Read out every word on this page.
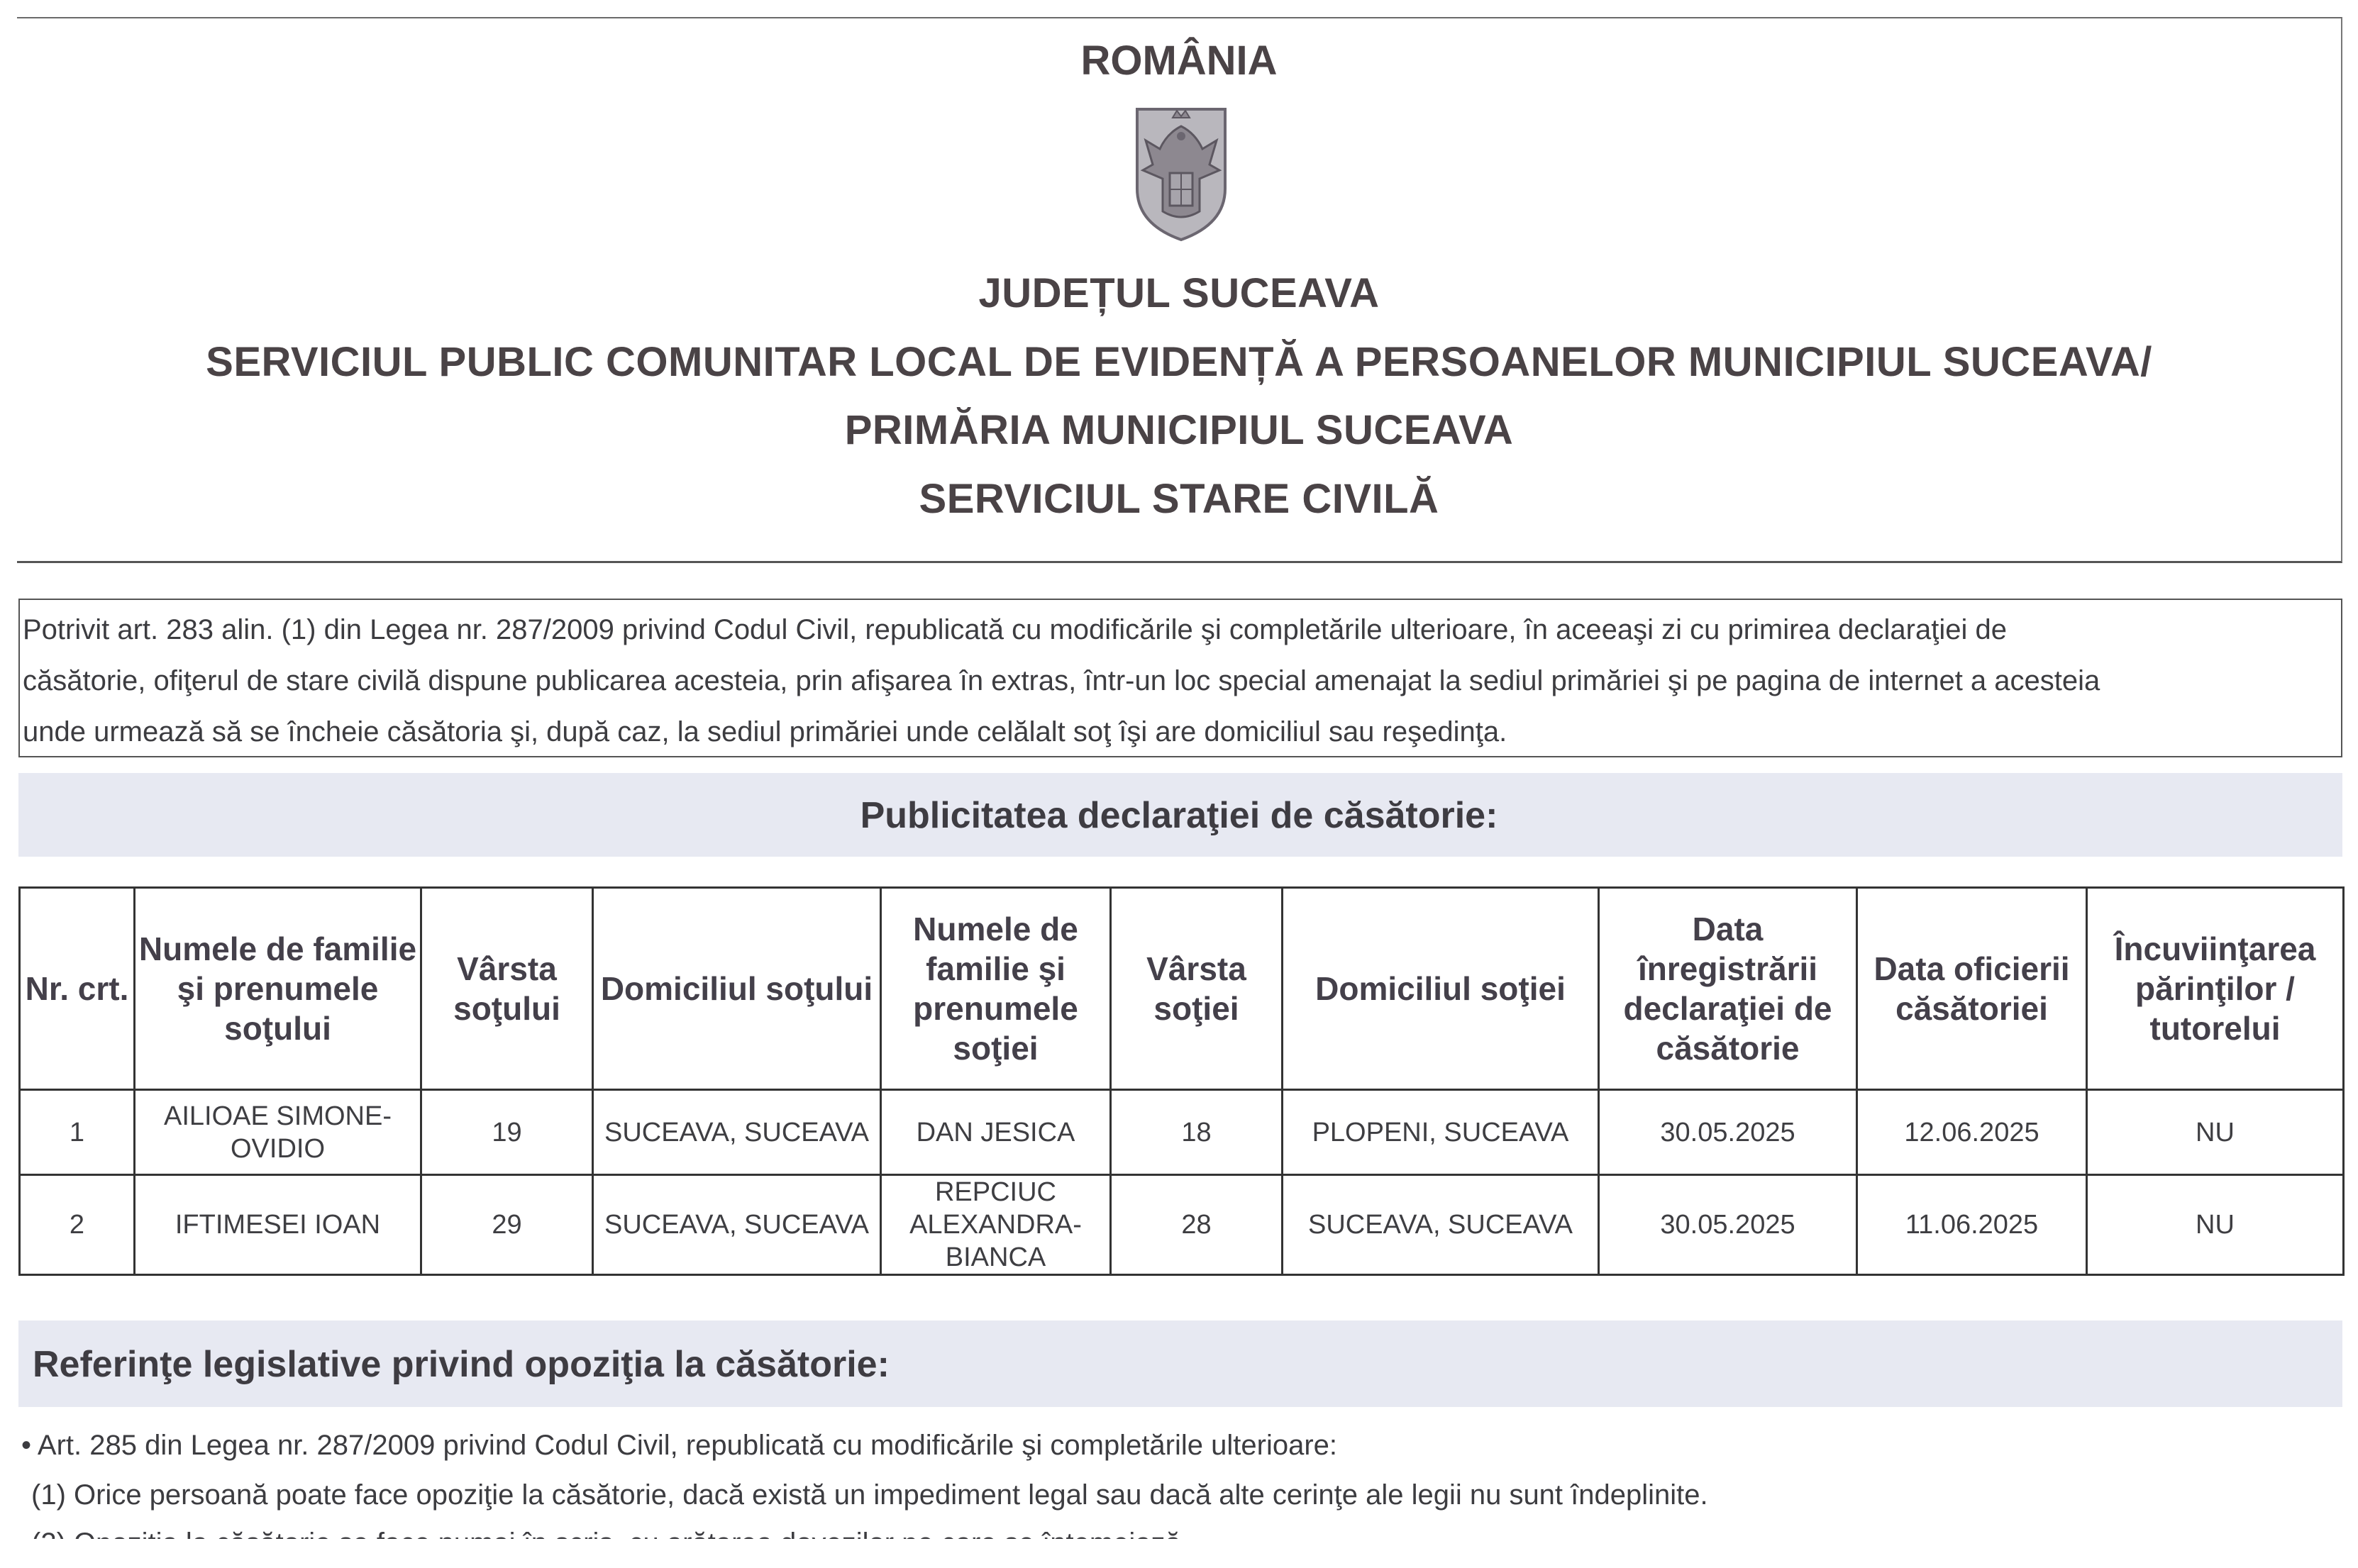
ROMÂNIA
JUDEȚUL SUCEAVA
SERVICIUL PUBLIC COMUNITAR LOCAL DE EVIDENȚĂ A PERSOANELOR MUNICIPIUL SUCEAVA/
PRIMĂRIA MUNICIPIUL SUCEAVA
SERVICIUL STARE CIVILĂ
Potrivit art. 283 alin. (1) din Legea nr. 287/2009 privind Codul Civil, republicată cu modificările şi completările ulterioare, în aceeaşi zi cu primirea declaraţiei de
căsătorie, ofiţerul de stare civilă dispune publicarea acesteia, prin afişarea în extras, într-un loc special amenajat la sediul primăriei şi pe pagina de internet a acesteia
unde urmează să se încheie căsătoria şi, după caz, la sediul primăriei unde celălalt soţ îşi are domiciliul sau reşedinţa.
Publicitatea declaraţiei de căsătorie:
Nr. crt.	Numele de familie şi prenumele soţului	Vârsta soţului	Domiciliul soţului	Numele de familie şi prenumele soţiei	Vârsta soţiei	Domiciliul soţiei	Data înregistrării declaraţiei de căsătorie	Data oficierii căsătoriei	Încuviinţarea părinţilor / tutorelui
1	AILIOAE SIMONE-OVIDIO	19	SUCEAVA, SUCEAVA	DAN JESICA	18	PLOPENI, SUCEAVA	30.05.2025	12.06.2025	NU
2	IFTIMESEI IOAN	29	SUCEAVA, SUCEAVA	REPCIUC ALEXANDRA-BIANCA	28	SUCEAVA, SUCEAVA	30.05.2025	11.06.2025	NU
Referinţe legislative privind opoziţia la căsătorie:
• Art. 285 din Legea nr. 287/2009 privind Codul Civil, republicată cu modificările şi completările ulterioare:
(1) Orice persoană poate face opoziţie la căsătorie, dacă există un impediment legal sau dacă alte cerinţe ale legii nu sunt îndeplinite.
